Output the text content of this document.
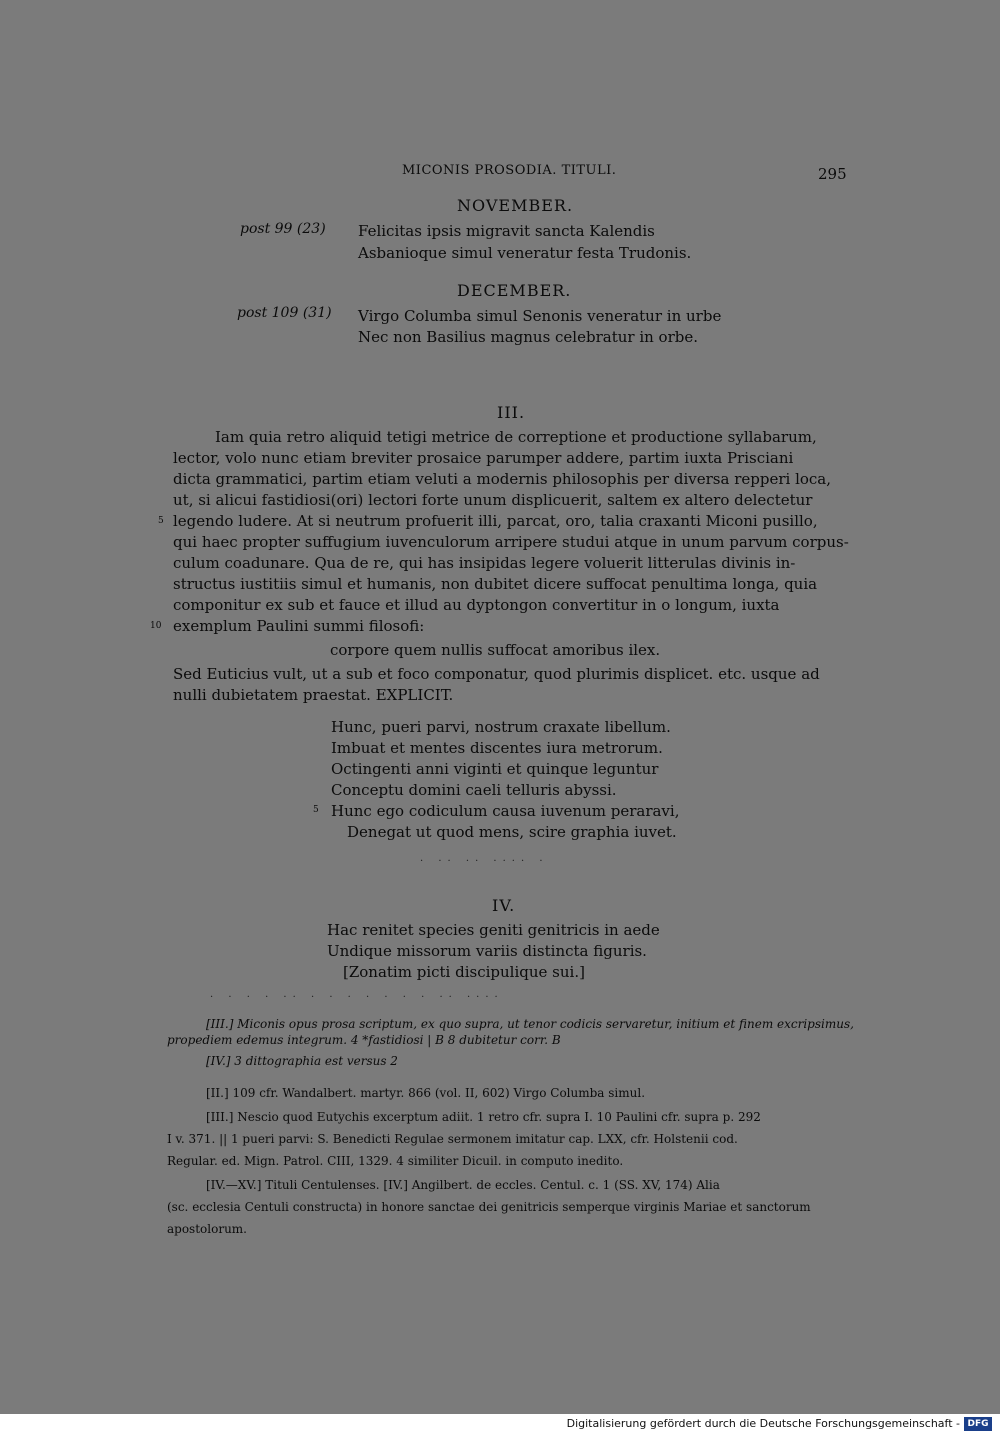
MICONIS PROSODIA. TITULI.	295
NOVEMBER.
post 99 (23) Felicitas ipsis migravit sancta Kalendis
Asbanioque simul veneratur festa Trudonis.
DECEMBER.
post 109 (31) Virgo Columba simul Senonis veneratur in urbe
Nec non Basilius magnus celebratur in orbe.
III.
Iam quia retro aliquid tetigi metrice de correptione et productione syllabarum,
lector, volo nunc etiam breviter prosaice parumper addere, partim iuxta Prisciani
dicta grammatici, partim etiam veluti a modernis philosophis per diversa repperi loca,
ut, si alicui fastidiosi(ori) lectori forte unum displicuerit, saltem ex altero delectetur
5 legendo ludere. At si neutrum profuerit illi, parcat, oro, talia craxanti Miconi pusillo,
qui haec propter suffugium iuvenculorum arripere studui atque in unum parvum corpus-
culum coadunare. Qua de re, qui has insipidas legere voluerit litterulas divinis in-
structus iustitiis simul et humanis, non dubitet dicere suffocat penultima longa, quia
componitur ex sub et fauce et illud au dyptongon convertitur in o longum, iuxta
10 exemplum Paulini summi filosofi:
corpore quem nullis suffocat amoribus ilex.
Sed Euticius vult, ut a sub et foco componatur, quod plurimis displicet. etc. usque ad
nulli dubietatem praestat. EXPLICIT.
Hunc, pueri parvi, nostrum craxate libellum.
Imbuat et mentes discentes iura metrorum.
Octingenti anni viginti et quinque leguntur
Conceptu domini caeli telluris abyssi.
5 Hunc ego codiculum causa iuvenum peraravi,
Denegat ut quod mens, scire graphia iuvet.
· ·· ·· ···· ·
IV.
Hac renitet species geniti genitricis in aede
Undique missorum variis distincta figuris.
[Zonatim picti discipulique sui.]
· · · · ·· · · · · · · · ·· ····
[III.] Miconis opus prosa scriptum, ex quo supra, ut tenor codicis servaretur, initium et finem excripsimus,
propediem edemus integrum. 4 *fastidiosi | B 8 dubitetur corr. B
[IV.] 3 dittographia est versus 2
[II.] 109 cfr. Wandalbert. martyr. 866 (vol. II, 602) Virgo Columba simul.
[III.] Nescio quod Eutychis excerptum adiit. 1 retro cfr. supra I. 10 Paulini cfr. supra p. 292
I v. 371. || 1 pueri parvi: S. Benedicti Regulae sermonem imitatur cap. LXX, cfr. Holstenii cod.
Regular. ed. Mign. Patrol. CIII, 1329. 4 similiter Dicuil. in computo inedito.
[IV.—XV.] Tituli Centulenses. [IV.] Angilbert. de eccles. Centul. c. 1 (SS. XV, 174) Alia
(sc. ecclesia Centuli constructa) in honore sanctae dei genitricis semperque virginis Mariae et sanctorum
apostolorum.
Digitalisierung gefördert durch die Deutsche Forschungsgemeinschaft - DFG
